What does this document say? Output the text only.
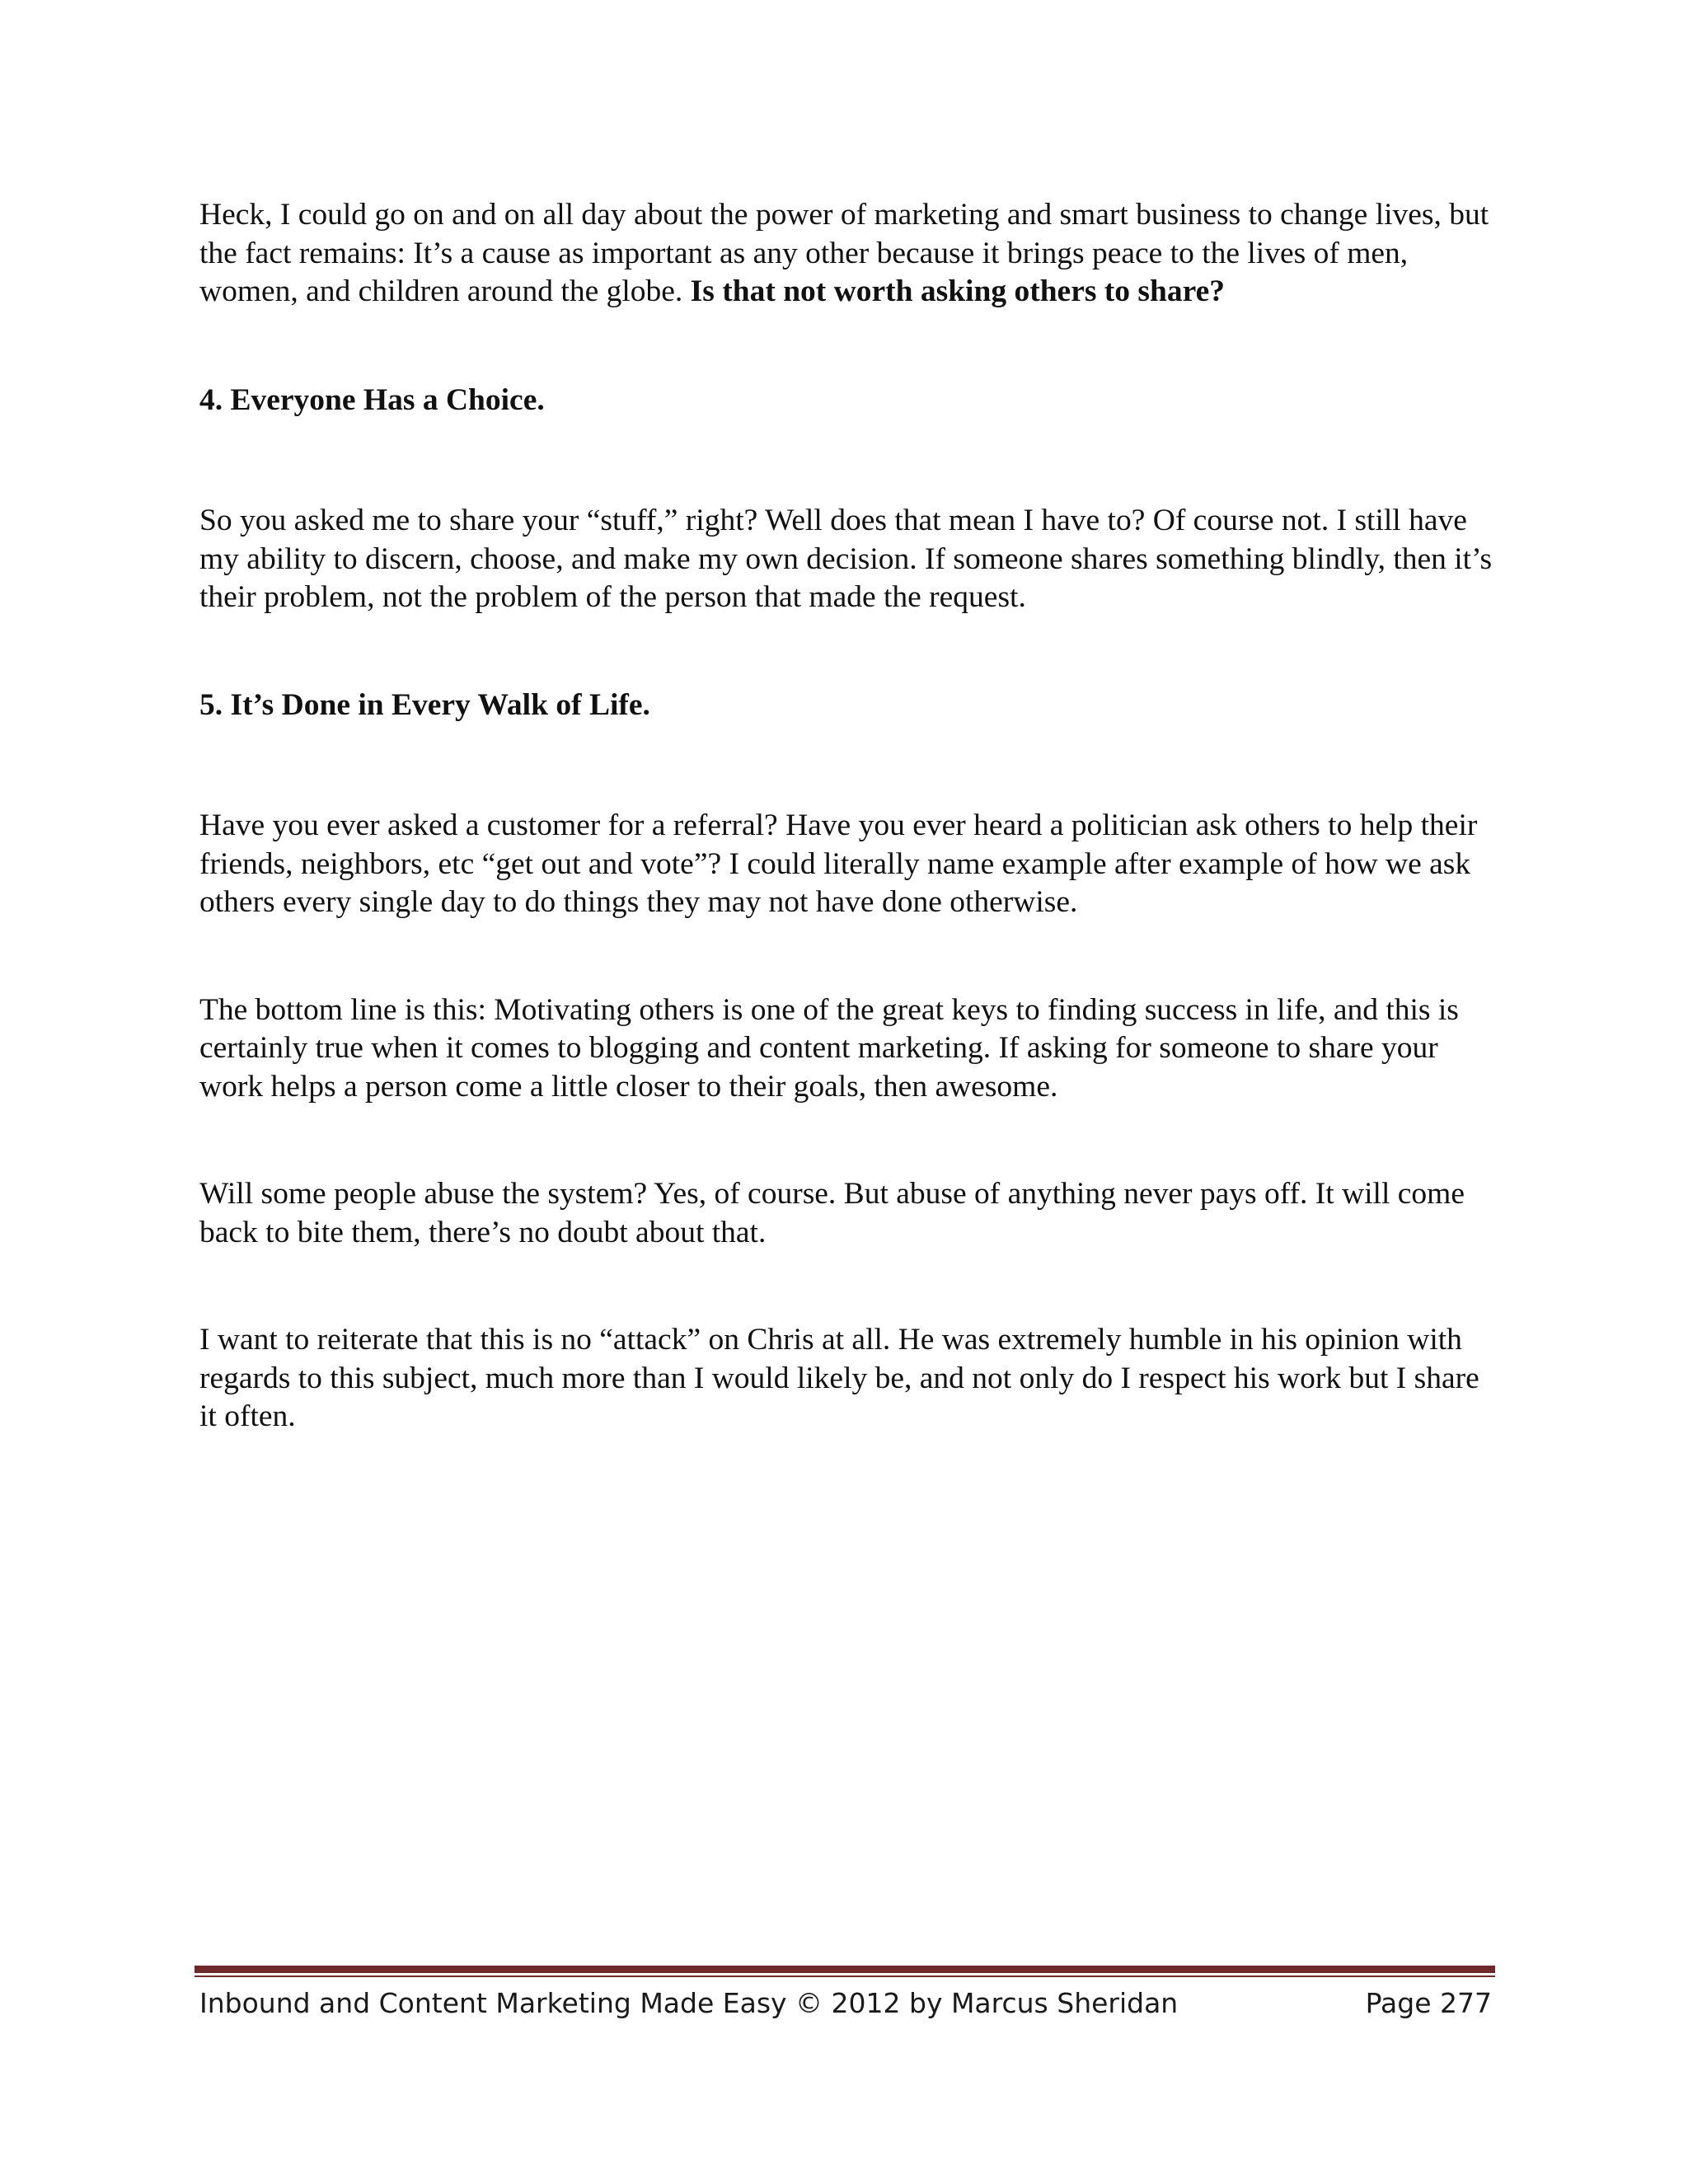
Heck, I could go on and on all day about the power of marketing and smart business to change lives, but the fact remains: It’s a cause as important as any other because it brings peace to the lives of men, women, and children around the globe. Is that not worth asking others to share?

4. Everyone Has a Choice.

So you asked me to share your “stuff,” right? Well does that mean I have to? Of course not. I still have my ability to discern, choose, and make my own decision. If someone shares something blindly, then it’s their problem, not the problem of the person that made the request.

5. It’s Done in Every Walk of Life.

Have you ever asked a customer for a referral? Have you ever heard a politician ask others to help their friends, neighbors, etc “get out and vote”? I could literally name example after example of how we ask others every single day to do things they may not have done otherwise.

The bottom line is this: Motivating others is one of the great keys to finding success in life, and this is certainly true when it comes to blogging and content marketing. If asking for someone to share your work helps a person come a little closer to their goals, then awesome.

Will some people abuse the system? Yes, of course. But abuse of anything never pays off. It will come back to bite them, there’s no doubt about that.

I want to reiterate that this is no “attack” on Chris at all. He was extremely humble in his opinion with regards to this subject, much more than I would likely be, and not only do I respect his work but I share it often.

Inbound and Content Marketing Made Easy © 2012 by Marcus Sheridan	Page 277
